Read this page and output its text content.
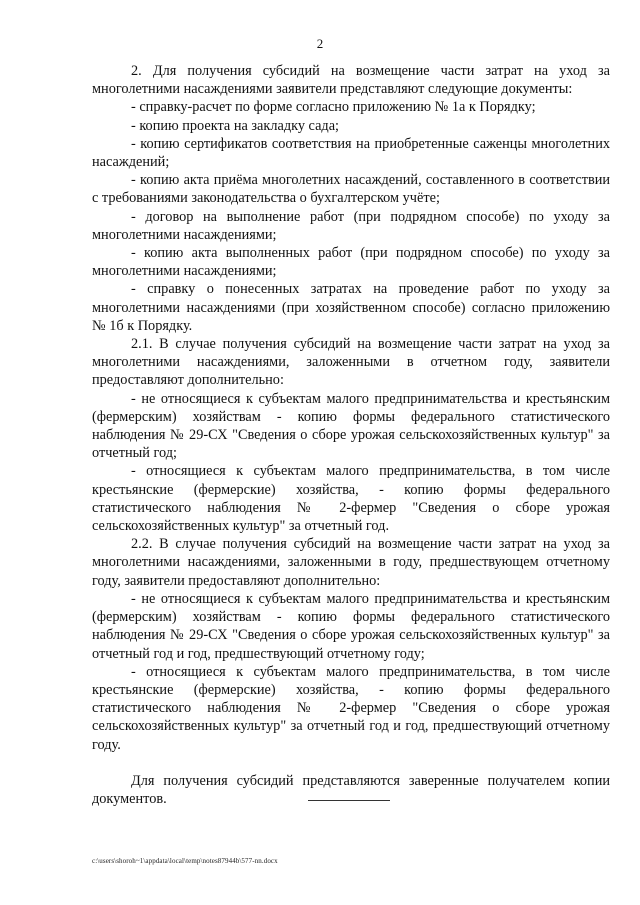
2

2. Для получения субсидий на возмещение части затрат на уход за многолетними насаждениями заявители представляют следующие документы:

- справку-расчет по форме согласно приложению № 1а к Порядку;

- копию проекта на закладку сада;

- копию сертификатов соответствия на приобретенные саженцы многолетних насаждений;

- копию акта приёма многолетних насаждений, составленного в соответствии с требованиями законодательства о бухгалтерском учёте;

- договор на выполнение работ (при подрядном способе) по уходу за многолетними насаждениями;

- копию акта выполненных работ (при подрядном способе) по уходу за многолетними насаждениями;

- справку о понесенных затратах на проведение работ по уходу за многолетними насаждениями (при хозяйственном способе) согласно приложению № 1б к Порядку.

2.1. В случае получения субсидий на возмещение части затрат на уход за многолетними насаждениями, заложенными в отчетном году, заявители предоставляют дополнительно:

- не относящиеся к субъектам малого предпринимательства и крестьянским (фермерским) хозяйствам - копию формы федерального статистического наблюдения № 29-СХ "Сведения о сборе урожая сельскохозяйственных культур" за отчетный год;

- относящиеся к субъектам малого предпринимательства, в том числе крестьянские (фермерские) хозяйства, - копию формы федерального статистического наблюдения № 2-фермер "Сведения о сборе урожая сельскохозяйственных культур" за отчетный год.

2.2. В случае получения субсидий на возмещение части затрат на уход за многолетними насаждениями, заложенными в году, предшествующем отчетному году, заявители предоставляют дополнительно:

- не относящиеся к субъектам малого предпринимательства и крестьянским (фермерским) хозяйствам - копию формы федерального статистического наблюдения № 29-СХ "Сведения о сборе урожая сельскохозяйственных культур" за отчетный год и год, предшествующий отчетному году;

- относящиеся к субъектам малого предпринимательства, в том числе крестьянские (фермерские) хозяйства, - копию формы федерального статистического наблюдения № 2-фермер "Сведения о сборе урожая сельскохозяйственных культур" за отчетный год и год, предшествующий отчетному году.

Для получения субсидий представляются заверенные получателем копии документов.

c:\users\shoroh~1\appdata\local\temp\notes87944b\577-nn.docx
